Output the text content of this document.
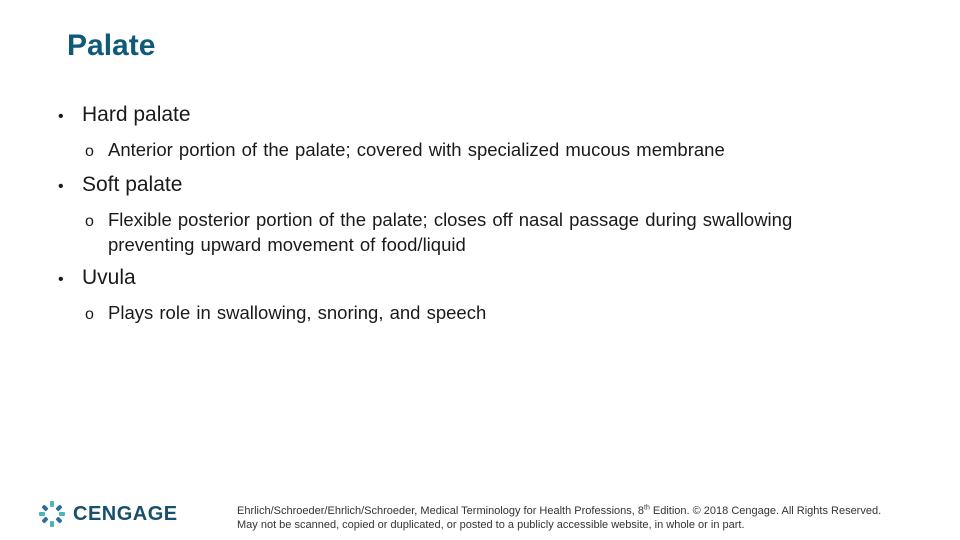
Palate
• Hard palate
o Anterior portion of the palate; covered with specialized mucous membrane
• Soft palate
o Flexible posterior portion of the palate; closes off nasal passage during swallowing preventing upward movement of food/liquid
• Uvula
o Plays role in swallowing, snoring, and speech
CENGAGE	Ehrlich/Schroeder/Ehrlich/Schroeder, Medical Terminology for Health Professions, 8th Edition. © 2018 Cengage. All Rights Reserved.
May not be scanned, copied or duplicated, or posted to a publicly accessible website, in whole or in part.
